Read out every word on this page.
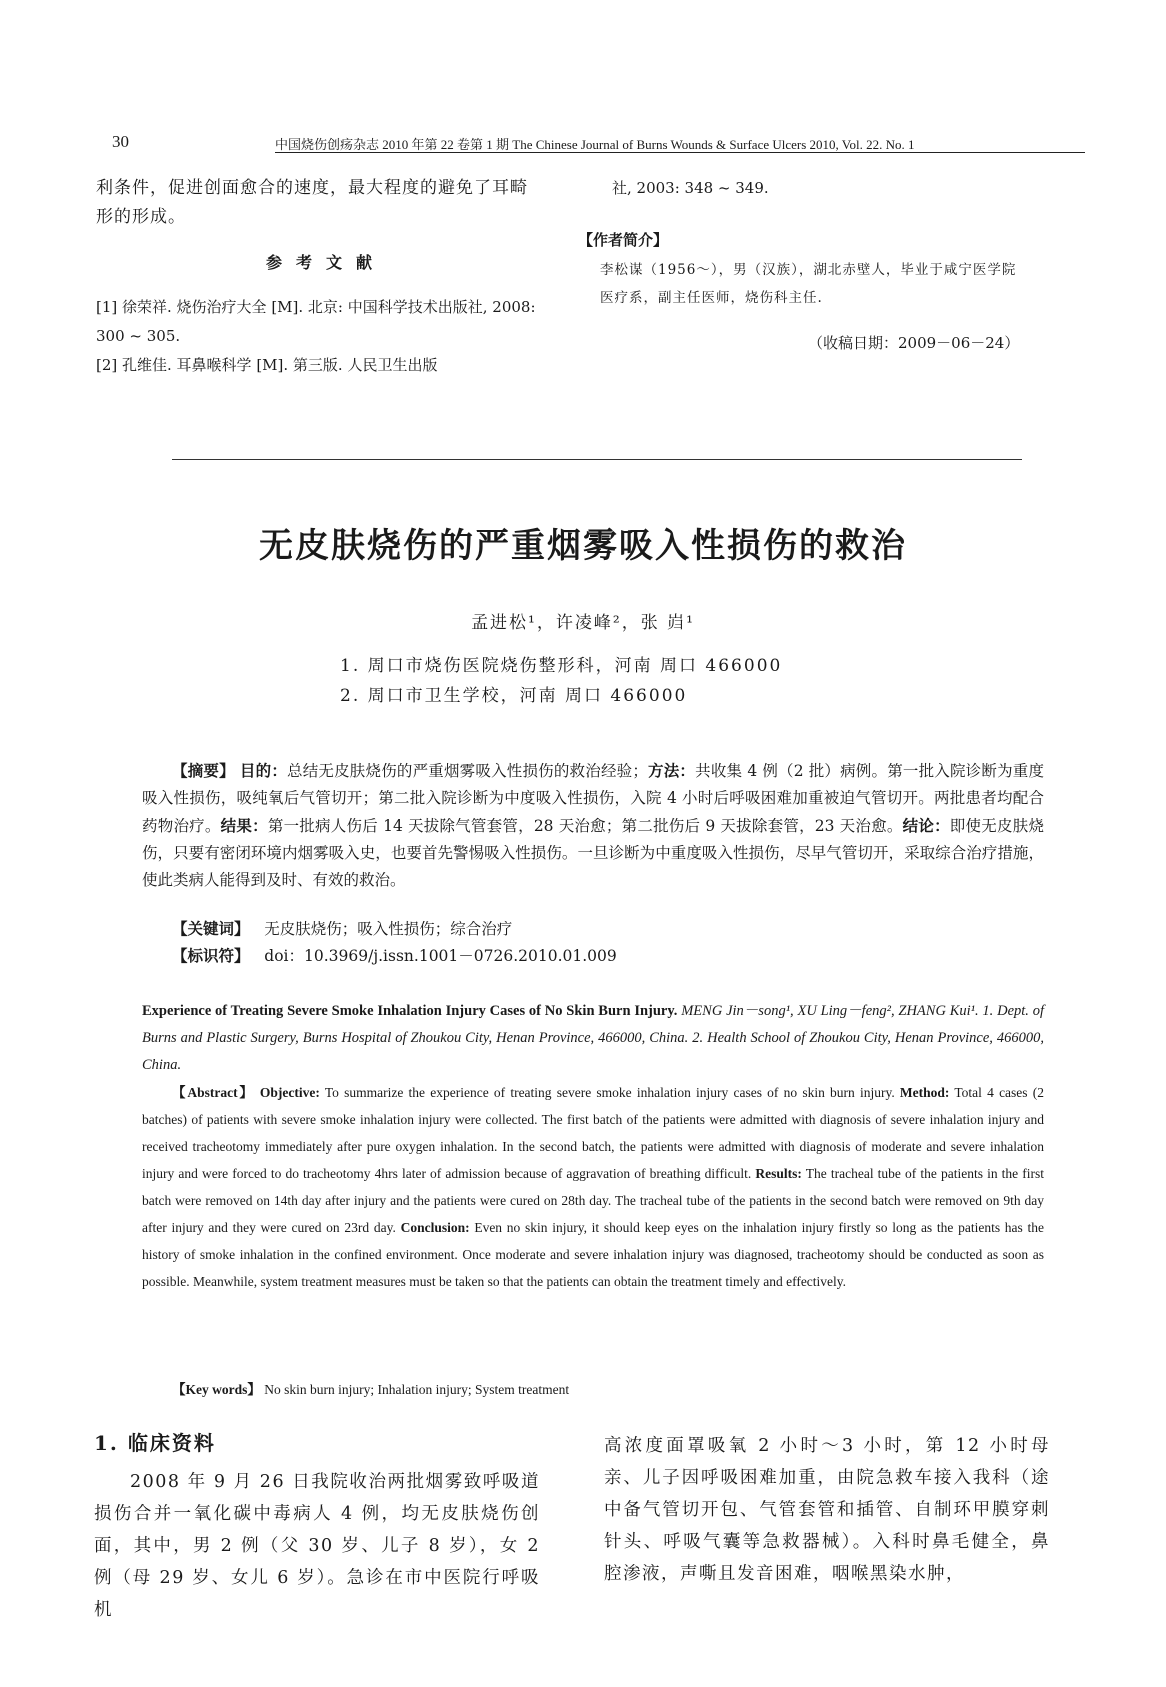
30	中国烧伤创疡杂志 2010 年第 22 卷第 1 期 The Chinese Journal of Burns Wounds & Surface Ulcers 2010, Vol. 22. No. 1
利条件，促进创面愈合的速度，最大程度的避免了耳畸形的形成。
参考文献
[1] 徐荣祥. 烧伤治疗大全 [M]. 北京: 中国科学技术出版社, 2008: 300 ~ 305.
[2] 孔维佳. 耳鼻喉科学 [M]. 第三版. 人民卫生出版
社, 2003: 348 ~ 349.
【作者简介】
李松谋（1956～），男（汉族），湖北赤壁人，毕业于咸宁医学院医疗系，副主任医师，烧伤科主任.
（收稿日期：2009－06－24）
无皮肤烧伤的严重烟雾吸入性损伤的救治
孟进松¹，许凌峰²，张 岿¹
1. 周口市烧伤医院烧伤整形科，河南 周口 466000
2. 周口市卫生学校，河南 周口 466000
【摘要】 目的：总结无皮肤烧伤的严重烟雾吸入性损伤的救治经验；方法：共收集 4 例（2 批）病例。第一批入院诊断为重度吸入性损伤，吸纯氧后气管切开；第二批入院诊断为中度吸入性损伤，入院 4 小时后呼吸困难加重被迫气管切开。两批患者均配合药物治疗。结果：第一批病人伤后 14 天拔除气管套管，28 天治愈；第二批伤后 9 天拔除套管，23 天治愈。结论：即使无皮肤烧伤，只要有密闭环境内烟雾吸入史，也要首先警惕吸入性损伤。一旦诊断为中重度吸入性损伤，尽早气管切开，采取综合治疗措施，使此类病人能得到及时、有效的救治。
【关键词】 无皮肤烧伤；吸入性损伤；综合治疗
【标识符】 doi：10.3969/j.issn.1001－0726.2010.01.009
Experience of Treating Severe Smoke Inhalation Injury Cases of No Skin Burn Injury. MENG Jin－song¹, XU Ling－feng², ZHANG Kui¹. 1. Dept. of Burns and Plastic Surgery, Burns Hospital of Zhoukou City, Henan Province, 466000, China. 2. Health School of Zhoukou City, Henan Province, 466000, China.
【Abstract】 Objective: To summarize the experience of treating severe smoke inhalation injury cases of no skin burn injury. Method: Total 4 cases (2 batches) of patients with severe smoke inhalation injury were collected. The first batch of the patients were admitted with diagnosis of severe inhalation injury and received tracheotomy immediately after pure oxygen inhalation. In the second batch, the patients were admitted with diagnosis of moderate and severe inhalation injury and were forced to do tracheotomy 4hrs later of admission because of aggravation of breathing difficult. Results: The tracheal tube of the patients in the first batch were removed on 14th day after injury and the patients were cured on 28th day. The tracheal tube of the patients in the second batch were removed on 9th day after injury and they were cured on 23rd day. Conclusion: Even no skin injury, it should keep eyes on the inhalation injury firstly so long as the patients has the history of smoke inhalation in the confined environment. Once moderate and severe inhalation injury was diagnosed, tracheotomy should be conducted as soon as possible. Meanwhile, system treatment measures must be taken so that the patients can obtain the treatment timely and effectively.
【Key words】 No skin burn injury; Inhalation injury; System treatment
1. 临床资料
2008 年 9 月 26 日我院收治两批烟雾致呼吸道损伤合并一氧化碳中毒病人 4 例，均无皮肤烧伤创面，其中，男 2 例（父 30 岁、儿子 8 岁），女 2 例（母 29 岁、女儿 6 岁）。急诊在市中医院行呼吸机
高浓度面罩吸氧 2 小时～3 小时，第 12 小时母亲、儿子因呼吸困难加重，由院急救车接入我科（途中备气管切开包、气管套管和插管、自制环甲膜穿刺针头、呼吸气囊等急救器械）。入科时鼻毛健全，鼻腔渗液，声嘶且发音困难，咽喉黑染水肿，
